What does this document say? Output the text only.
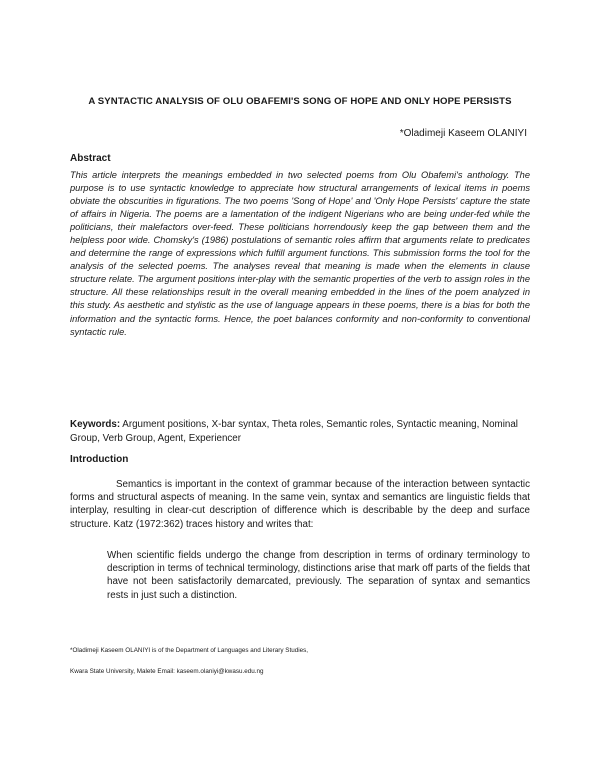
A SYNTACTIC ANALYSIS OF OLU OBAFEMI'S SONG OF HOPE AND ONLY HOPE PERSISTS
*Oladimeji Kaseem OLANIYI
Abstract
This article interprets the meanings embedded in two selected poems from Olu Obafemi's anthology. The purpose is to use syntactic knowledge to appreciate how structural arrangements of lexical items in poems obviate the obscurities in figurations. The two poems 'Song of Hope' and 'Only Hope Persists' capture the state of affairs in Nigeria. The poems are a lamentation of the indigent Nigerians who are being under-fed while the politicians, their malefactors over-feed. These politicians horrendously keep the gap between them and the helpless poor wide. Chomsky's (1986) postulations of semantic roles affirm that arguments relate to predicates and determine the range of expressions which fulfill argument functions. This submission forms the tool for the analysis of the selected poems. The analyses reveal that meaning is made when the elements in clause structure relate. The argument positions inter-play with the semantic properties of the verb to assign roles in the structure. All these relationships result in the overall meaning embedded in the lines of the poem analyzed in this study. As aesthetic and stylistic as the use of language appears in these poems, there is a bias for both the information and the syntactic forms. Hence, the poet balances conformity and non-conformity to conventional syntactic rule.
Keywords: Argument positions, X-bar syntax, Theta roles, Semantic roles, Syntactic meaning, Nominal Group, Verb Group, Agent, Experiencer
Introduction
Semantics is important in the context of grammar because of the interaction between syntactic forms and structural aspects of meaning. In the same vein, syntax and semantics are linguistic fields that interplay, resulting in clear-cut description of difference which is describable by the deep and surface structure. Katz (1972:362) traces history and writes that:
When scientific fields undergo the change from description in terms of ordinary terminology to description in terms of technical terminology, distinctions arise that mark off parts of the fields that have not been satisfactorily demarcated, previously. The separation of syntax and semantics rests in just such a distinction.
*Oladimeji Kaseem OLANIYI is of the Department of Languages and Literary Studies,
Kwara State University, Malete Email: kaseem.olaniyi@kwasu.edu.ng
